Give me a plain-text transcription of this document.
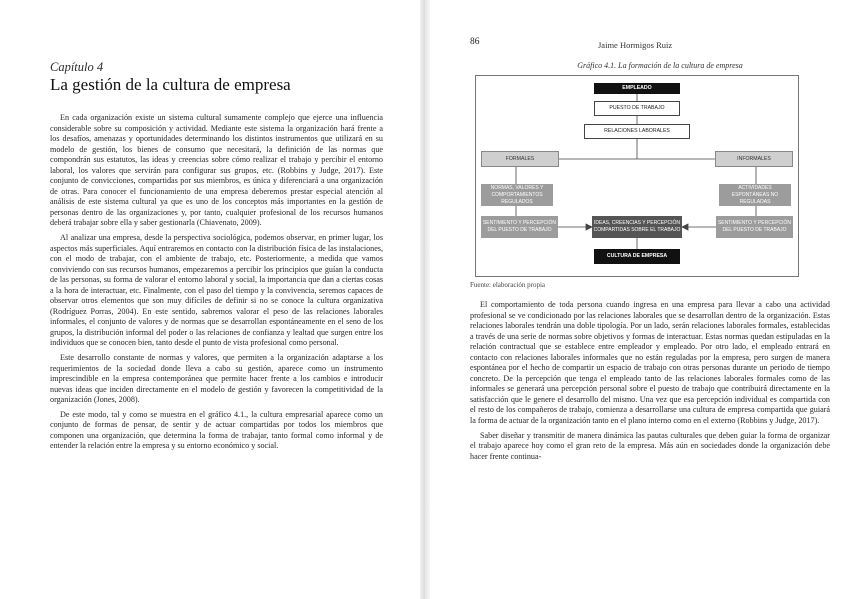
Capítulo 4
La gestión de la cultura de empresa

En cada organización existe un sistema cultural sumamente complejo que ejerce una influencia considerable sobre su composición y actividad. Mediante este sistema la organización hará frente a los desafíos, amenazas y oportunidades determinando los distintos instrumentos que utilizará en su modelo de gestión, los bienes de consumo que necesitará, la definición de las normas que compondrán sus estatutos, las ideas y creencias sobre cómo realizar el trabajo y percibir el entorno laboral, los valores que servirán para configurar sus grupos, etc. (Robbins y Judge, 2017). Este conjunto de convicciones, compartidas por sus miembros, es única y diferenciará a una organización de otras. Para conocer el funcionamiento de una empresa deberemos prestar especial atención al análisis de este sistema cultural ya que es uno de los conceptos más importantes en la gestión de personas dentro de las organizaciones y, por tanto, cualquier profesional de los recursos humanos deberá trabajar sobre ella y saber gestionarla (Chiavenato, 2009).

Al analizar una empresa, desde la perspectiva sociológica, podemos observar, en primer lugar, los aspectos más superficiales. Aquí entraremos en contacto con la distribución física de las instalaciones, con el modo de trabajar, con el ambiente de trabajo, etc. Posteriormente, a medida que vamos conviviendo con sus recursos humanos, empezaremos a percibir los principios que guían la conducta de las personas, su forma de valorar el entorno laboral y social, la importancia que dan a ciertas cosas a la hora de interactuar, etc. Finalmente, con el paso del tiempo y la convivencia, seremos capaces de observar otros elementos que son muy difíciles de definir si no se conoce la cultura organizativa (Rodríguez Porras, 2004). En este sentido, sabremos valorar el peso de las relaciones laborales informales, el conjunto de valores y de normas que se desarrollan espontáneamente en el seno de los grupos, la distribución informal del poder o las relaciones de confianza y lealtad que surgen entre los individuos que se conocen bien, tanto desde el punto de vista profesional como personal.

Este desarrollo constante de normas y valores, que permiten a la organización adaptarse a los requerimientos de la sociedad donde lleva a cabo su gestión, aparece como un instrumento imprescindible en la empresa contemporánea que permite hacer frente a los cambios e introducir nuevas ideas que inciden directamente en el modelo de gestión y favorecen la competitividad de la organización (Jones, 2008).

De este modo, tal y como se muestra en el gráfico 4.1., la cultura empresarial aparece como un conjunto de formas de pensar, de sentir y de actuar compartidas por todos los miembros que componen una organización, que determina la forma de trabajar, tanto formal como informal y de entender la relación entre la empresa y su entorno económico y social.

86	Jaime Hormigos Ruiz
Gráfico 4.1. La formación de la cultura de empresa
EMPLEADO
PUESTO DE TRABAJO
RELACIONES LABORALES
FORMALES	INFORMALES
NORMAS, VALORES Y COMPORTAMIENTOS REGULADOS
ACTIVIDADES ESPONTÁNEAS NO REGULADAS
SENTIMIENTO Y PERCEPCIÓN DEL PUESTO DE TRABAJO
IDEAS, CREENCIAS Y PERCEPCIÓN COMPARTIDAS SOBRE EL TRABAJO
SENTIMIENTO Y PERCEPCIÓN DEL PUESTO DE TRABAJO
CULTURA DE EMPRESA
Fuente: elaboración propia

El comportamiento de toda persona cuando ingresa en una empresa para llevar a cabo una actividad profesional se ve condicionado por las relaciones laborales que se desarrollan dentro de la organización. Estas relaciones laborales tendrán una doble tipología. Por un lado, serán relaciones laborales formales, establecidas a través de una serie de normas sobre objetivos y formas de interactuar. Estas normas quedan estipuladas en la relación contractual que se establece entre empleador y empleado. Por otro lado, el empleado entrará en contacto con relaciones laborales informales que no están reguladas por la empresa, pero surgen de manera espontánea por el hecho de compartir un espacio de trabajo con otras personas durante un periodo de tiempo concreto. De la percepción que tenga el empleado tanto de las relaciones laborales formales como de las informales se generará una percepción personal sobre el puesto de trabajo que contribuirá directamente en la satisfacción que le genere el desarrollo del mismo. Una vez que esa percepción individual es compartida con el resto de los compañeros de trabajo, comienza a desarrollarse una cultura de empresa compartida que guiará la forma de actuar de la organización tanto en el plano interno como en el externo (Robbins y Judge, 2017).

Saber diseñar y transmitir de manera dinámica las pautas culturales que deben guiar la forma de organizar el trabajo aparece hoy como el gran reto de la empresa. Más aún en sociedades donde la organización debe hacer frente continua-
